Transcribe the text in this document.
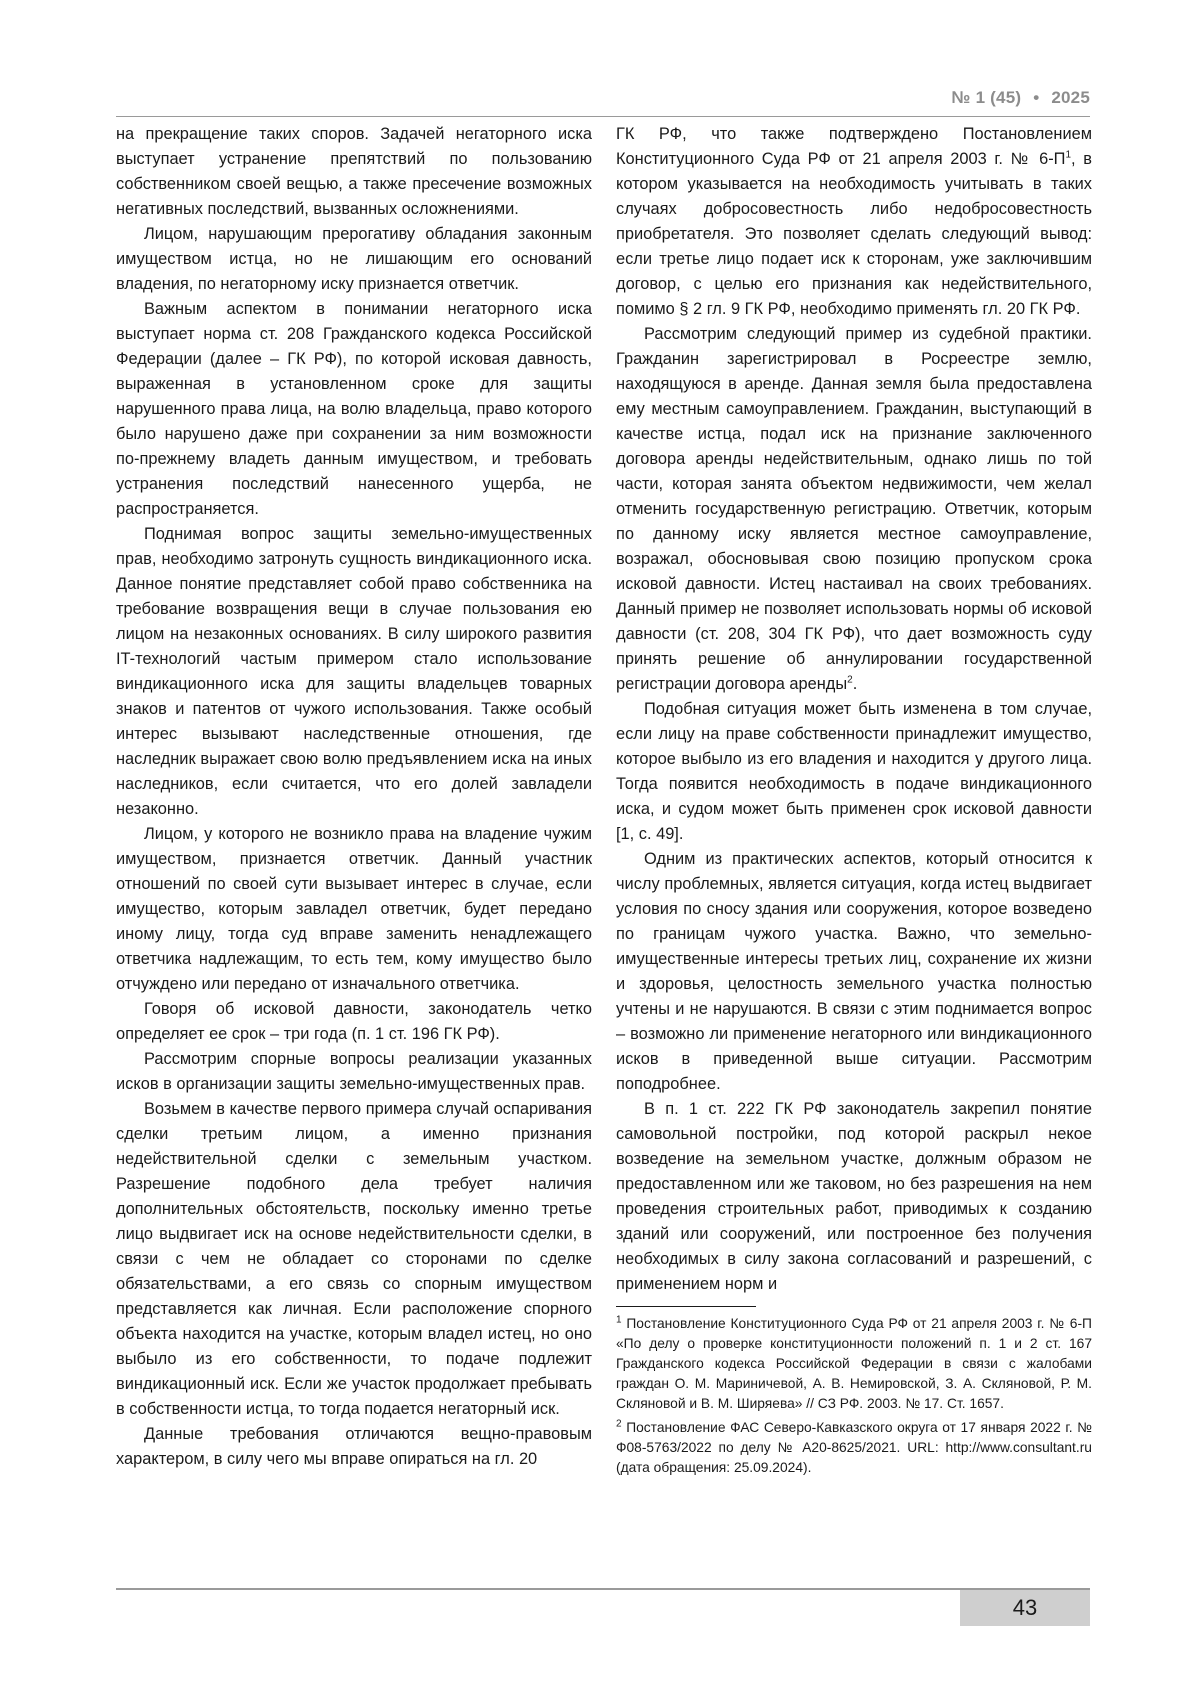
№ 1 (45) • 2025

на прекращение таких споров. Задачей негаторного иска выступает устранение препятствий по пользованию собственником своей вещью, а также пресечение возможных негативных последствий, вызванных осложнениями.

Лицом, нарушающим прерогативу обладания законным имуществом истца, но не лишающим его оснований владения, по негаторному иску признается ответчик.

Важным аспектом в понимании негаторного иска выступает норма ст. 208 Гражданского кодекса Российской Федерации (далее – ГК РФ), по которой исковая давность, выраженная в установленном сроке для защиты нарушенного права лица, на волю владельца, право которого было нарушено даже при сохранении за ним возможности по-прежнему владеть данным имуществом, и требовать устранения последствий нанесенного ущерба, не распространяется.

Поднимая вопрос защиты земельно-имущественных прав, необходимо затронуть сущность виндикационного иска. Данное понятие представляет собой право собственника на требование возвращения вещи в случае пользования ею лицом на незаконных основаниях. В силу широкого развития IT-технологий частым примером стало использование виндикационного иска для защиты владельцев товарных знаков и патентов от чужого использования. Также особый интерес вызывают наследственные отношения, где наследник выражает свою волю предъявлением иска на иных наследников, если считается, что его долей завладели незаконно.

Лицом, у которого не возникло права на владение чужим имуществом, признается ответчик. Данный участник отношений по своей сути вызывает интерес в случае, если имущество, которым завладел ответчик, будет передано иному лицу, тогда суд вправе заменить ненадлежащего ответчика надлежащим, то есть тем, кому имущество было отчуждено или передано от изначального ответчика.

Говоря об исковой давности, законодатель четко определяет ее срок – три года (п. 1 ст. 196 ГК РФ).

Рассмотрим спорные вопросы реализации указанных исков в организации защиты земельно-имущественных прав.

Возьмем в качестве первого примера случай оспаривания сделки третьим лицом, а именно признания недействительной сделки с земельным участком. Разрешение подобного дела требует наличия дополнительных обстоятельств, поскольку именно третье лицо выдвигает иск на основе недействительности сделки, в связи с чем не обладает со сторонами по сделке обязательствами, а его связь со спорным имуществом представляется как личная. Если расположение спорного объекта находится на участке, которым владел истец, но оно выбыло из его собственности, то подаче подлежит виндикационный иск. Если же участок продолжает пребывать в собственности истца, то тогда подается негаторный иск.

Данные требования отличаются вещно-правовым характером, в силу чего мы вправе опираться на гл. 20

ГК РФ, что также подтверждено Постановлением Конституционного Суда РФ от 21 апреля 2003 г. № $6-П^1$, в котором указывается на необходимость учитывать в таких случаях добросовестность либо недобросовестность приобретателя. Это позволяет сделать следующий вывод: если третье лицо подает иск к сторонам, уже заключившим договор, с целью его признания как недействительного, помимо § 2 гл. 9 ГК РФ, необходимо применять гл. 20 ГК РФ.

Рассмотрим следующий пример из судебной практики. Гражданин зарегистрировал в Росреестре землю, находящуюся в аренде. Данная земля была предоставлена ему местным самоуправлением. Гражданин, выступающий в качестве истца, подал иск на признание заключенного договора аренды недействительным, однако лишь по той части, которая занята объектом недвижимости, чем желал отменить государственную регистрацию. Ответчик, которым по данному иску является местное самоуправление, возражал, обосновывая свою позицию пропуском срока исковой давности. Истец настаивал на своих требованиях. Данный пример не позволяет использовать нормы об исковой давности (ст. 208, 304 ГК РФ), что дает возможность суду принять решение об аннулировании государственной регистрации договора аренды$^2$.

Подобная ситуация может быть изменена в том случае, если лицу на праве собственности принадлежит имущество, которое выбыло из его владения и находится у другого лица. Тогда появится необходимость в подаче виндикационного иска, и судом может быть применен срок исковой давности [1, с. 49].

Одним из практических аспектов, который относится к числу проблемных, является ситуация, когда истец выдвигает условия по сносу здания или сооружения, которое возведено по границам чужого участка. Важно, что земельно-имущественные интересы третьих лиц, сохранение их жизни и здоровья, целостность земельного участка полностью учтены и не нарушаются. В связи с этим поднимается вопрос – возможно ли применение негаторного или виндикационного исков в приведенной выше ситуации. Рассмотрим поподробнее.

В п. 1 ст. 222 ГК РФ законодатель закрепил понятие самовольной постройки, под которой раскрыл некое возведение на земельном участке, должным образом не предоставленном или же таковом, но без разрешения на нем проведения строительных работ, приводимых к созданию зданий или сооружений, или построенное без получения необходимых в силу закона согласований и разрешений, с применением норм и

$^1$ Постановление Конституционного Суда РФ от 21 апреля 2003 г. № 6-П «По делу о проверке конституционности положений п. 1 и 2 ст. 167 Гражданского кодекса Российской Федерации в связи с жалобами граждан О. М. Мариничевой, А. В. Немировской, З. А. Скляновой, Р. М. Скляновой и В. М. Ширяева» // СЗ РФ. 2003. № 17. Ст. 1657.

$^2$ Постановление ФАС Северо-Кавказского округа от 17 января 2022 г. № Ф08-5763/2022 по делу № А20-8625/2021. URL: http://www.consultant.ru (дата обращения: 25.09.2024).

43
